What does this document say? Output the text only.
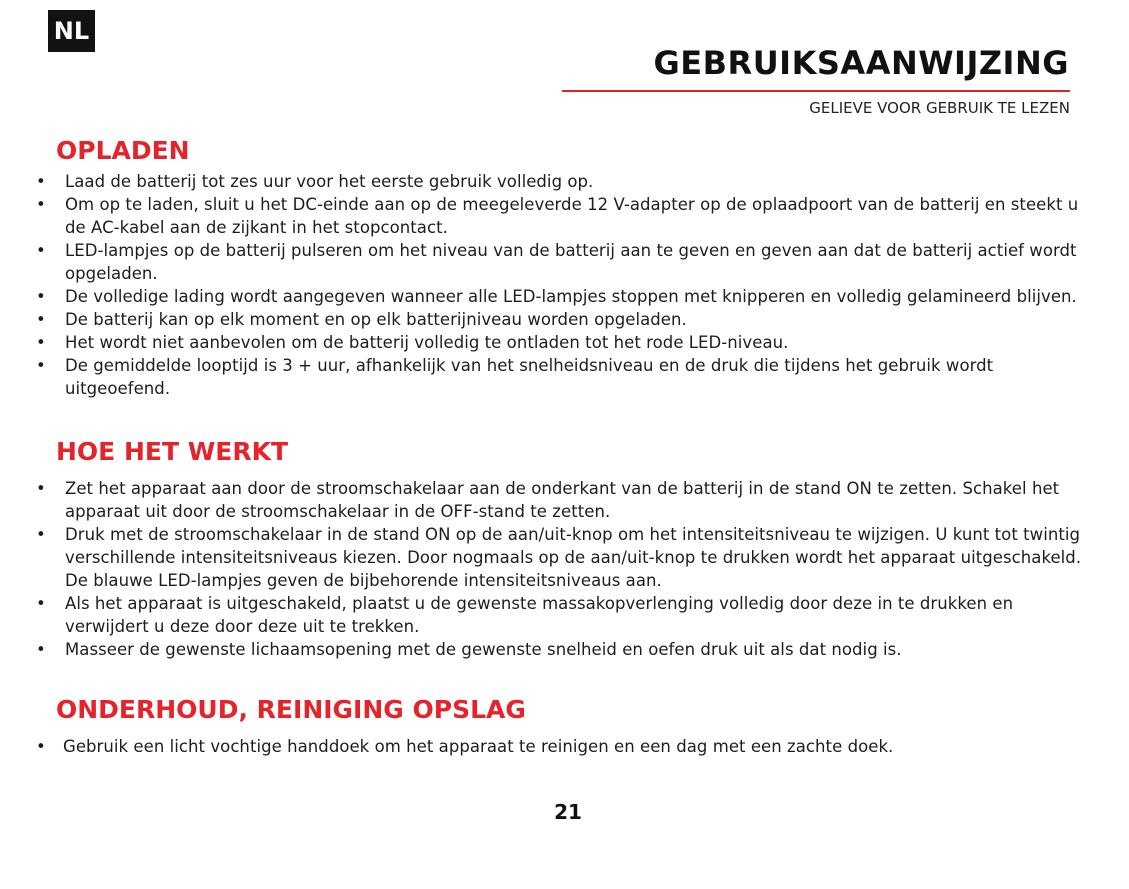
NL
GEBRUIKSAANWIJZING
GELIEVE VOOR GEBRUIK TE LEZEN
OPLADEN
• Laad de batterij tot zes uur voor het eerste gebruik volledig op.
• Om op te laden, sluit u het DC-einde aan op de meegeleverde 12 V-adapter op de oplaadpoort van de batterij en steekt u de AC-kabel aan de zijkant in het stopcontact.
• LED-lampjes op de batterij pulseren om het niveau van de batterij aan te geven en geven aan dat de batterij actief wordt opgeladen.
• De volledige lading wordt aangegeven wanneer alle LED-lampjes stoppen met knipperen en volledig gelamineerd blijven.
• De batterij kan op elk moment en op elk batterijniveau worden opgeladen.
• Het wordt niet aanbevolen om de batterij volledig te ontladen tot het rode LED-niveau.
• De gemiddelde looptijd is 3 + uur, afhankelijk van het snelheidsniveau en de druk die tijdens het gebruik wordt uitgeoefend.
HOE HET WERKT
• Zet het apparaat aan door de stroomschakelaar aan de onderkant van de batterij in de stand ON te zetten. Schakel het apparaat uit door de stroomschakelaar in de OFF-stand te zetten.
• Druk met de stroomschakelaar in de stand ON op de aan/uit-knop om het intensiteitsniveau te wijzigen. U kunt tot twintig verschillende intensiteitsniveaus kiezen. Door nogmaals op de aan/uit-knop te drukken wordt het apparaat uitgeschakeld. De blauwe LED-lampjes geven de bijbehorende intensiteitsniveaus aan.
• Als het apparaat is uitgeschakeld, plaatst u de gewenste massakopverlenging volledig door deze in te drukken en verwijdert u deze door deze uit te trekken.
• Masseer de gewenste lichaamsopening met de gewenste snelheid en oefen druk uit als dat nodig is.
ONDERHOUD, REINIGING OPSLAG
• Gebruik een licht vochtige handdoek om het apparaat te reinigen en een dag met een zachte doek.
21
